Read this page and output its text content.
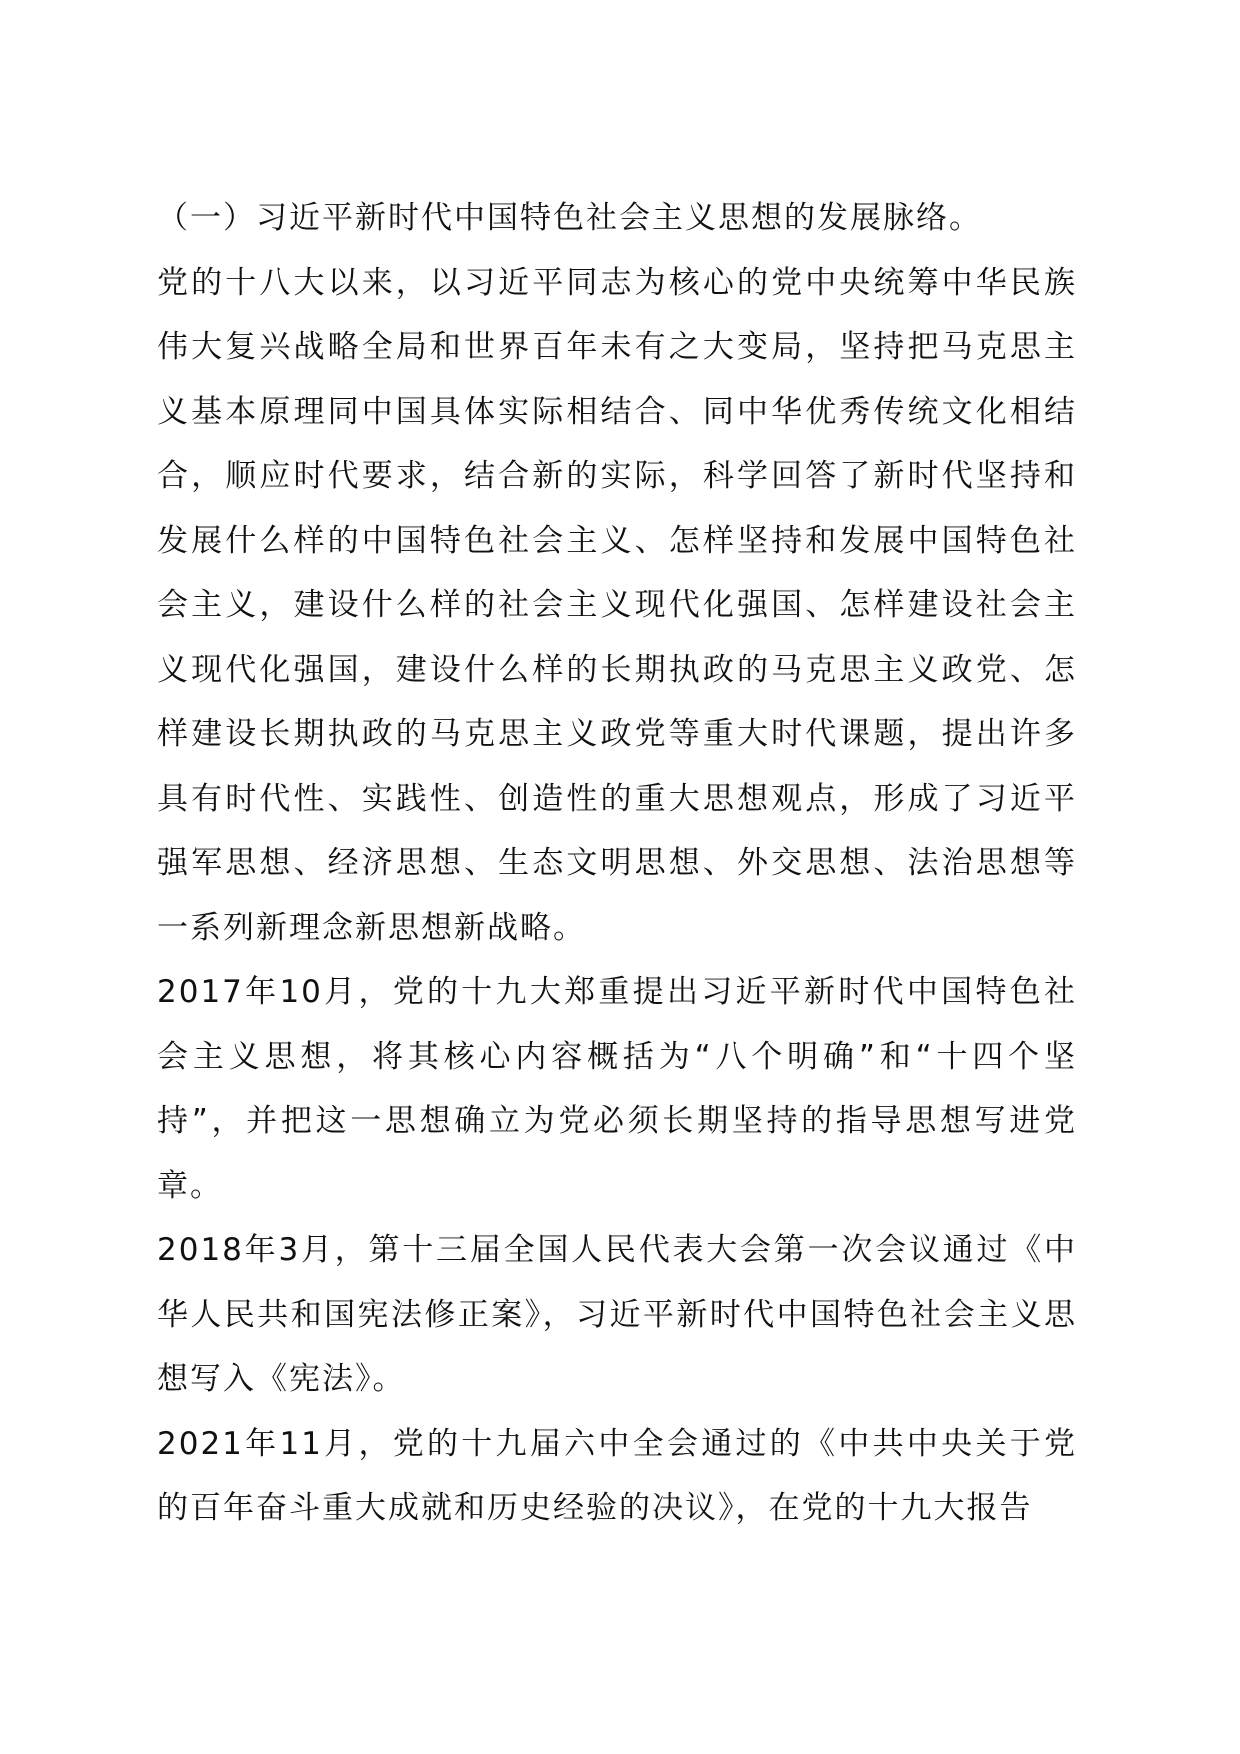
（一）习近平新时代中国特色社会主义思想的发展脉络。

党的十八大以来，以习近平同志为核心的党中央统筹中华民族伟大复兴战略全局和世界百年未有之大变局，坚持把马克思主义基本原理同中国具体实际相结合、同中华优秀传统文化相结合，顺应时代要求，结合新的实际，科学回答了新时代坚持和发展什么样的中国特色社会主义、怎样坚持和发展中国特色社会主义，建设什么样的社会主义现代化强国、怎样建设社会主义现代化强国，建设什么样的长期执政的马克思主义政党、怎样建设长期执政的马克思主义政党等重大时代课题，提出许多具有时代性、实践性、创造性的重大思想观点，形成了习近平强军思想、经济思想、生态文明思想、外交思想、法治思想等一系列新理念新思想新战略。

2017年10月，党的十九大郑重提出习近平新时代中国特色社会主义思想，将其核心内容概括为“八个明确”和“十四个坚持”，并把这一思想确立为党必须长期坚持的指导思想写进党章。

2018年3月，第十三届全国人民代表大会第一次会议通过《中华人民共和国宪法修正案》，习近平新时代中国特色社会主义思想写入《宪法》。

2021年11月，党的十九届六中全会通过的《中共中央关于党的百年奋斗重大成就和历史经验的决议》，在党的十九大报告
